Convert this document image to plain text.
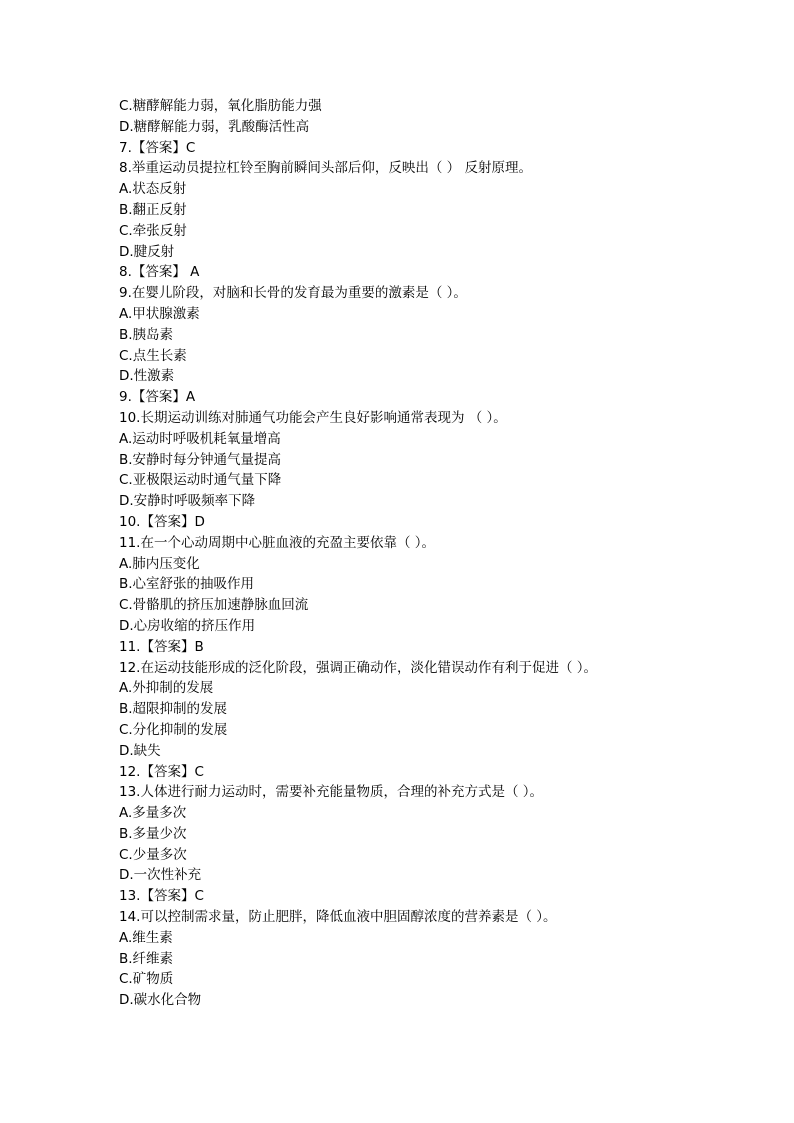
C.糖酵解能力弱，氧化脂肪能力强
D.糖酵解能力弱，乳酸酶活性高
7.【答案】C
8.举重运动员提拉杠铃至胸前瞬间头部后仰，反映出（ ） 反射原理。
A.状态反射
B.翻正反射
C.牵张反射
D.腱反射
8.【答案】 A
9.在婴儿阶段，对脑和长骨的发育最为重要的激素是（ ）。
A.甲状腺激素
B.胰岛素
C.点生长素
D.性激素
9.【答案】A
10.长期运动训练对肺通气功能会产生良好影响通常表现为 （ ）。
A.运动时呼吸机耗氧量增高
B.安静时每分钟通气量提高
C.亚极限运动时通气量下降
D.安静时呼吸频率下降
10.【答案】D
11.在一个心动周期中心脏血液的充盈主要依靠（ ）。
A.肺内压变化
B.心室舒张的抽吸作用
C.骨骼肌的挤压加速静脉血回流
D.心房收缩的挤压作用
11.【答案】B
12.在运动技能形成的泛化阶段，强调正确动作，淡化错误动作有利于促进（ ）。
A.外抑制的发展
B.超限抑制的发展
C.分化抑制的发展
D.缺失
12.【答案】C
13.人体进行耐力运动时，需要补充能量物质，合理的补充方式是（ ）。
A.多量多次
B.多量少次
C.少量多次
D.一次性补充
13.【答案】C
14.可以控制需求量，防止肥胖，降低血液中胆固醇浓度的营养素是（ ）。
A.维生素
B.纤维素
C.矿物质
D.碳水化合物
